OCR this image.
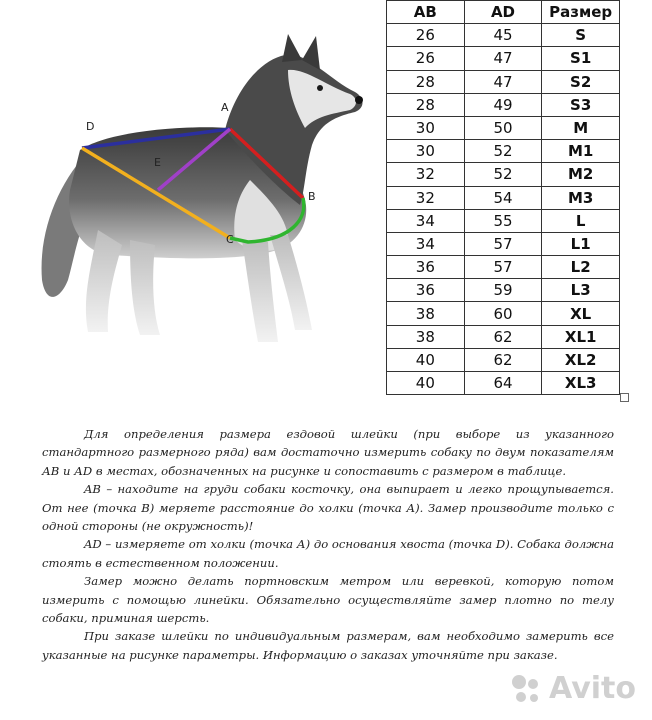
A
B
C
D
E
AB	AD	Размер
26	45	S
26	47	S1
28	47	S2
28	49	S3
30	50	M
30	52	M1
32	52	M2
32	54	M3
34	55	L
34	57	L1
36	57	L2
36	59	L3
38	60	XL
38	62	XL1
40	62	XL2
40	64	XL3

Для определения размера ездовой шлейки (при выборе из указанного стандартного размерного ряда) вам достаточно измерить собаку по двум показателям АВ и АD в местах, обозначенных на рисунке и сопоставить с размером в таблице.

AB – находите на груди собаки косточку, она выпирает и легко прощупывается. От нее (точка В) меряете расстояние до холки (точка А). Замер производите только с одной стороны (не окружность)!

AD – измеряете от холки (точка А) до основания хвоста (точка D). Собака должна стоять в естественном положении.

Замер можно делать портновским метром или веревкой, которую потом измерить с помощью линейки. Обязательно осуществляйте замер плотно по телу собаки, приминая шерсть.

При заказе шлейки по индивидуальным размерам, вам необходимо замерить все указанные на рисунке параметры. Информацию о заказах уточняйте при заказе.

Avito
